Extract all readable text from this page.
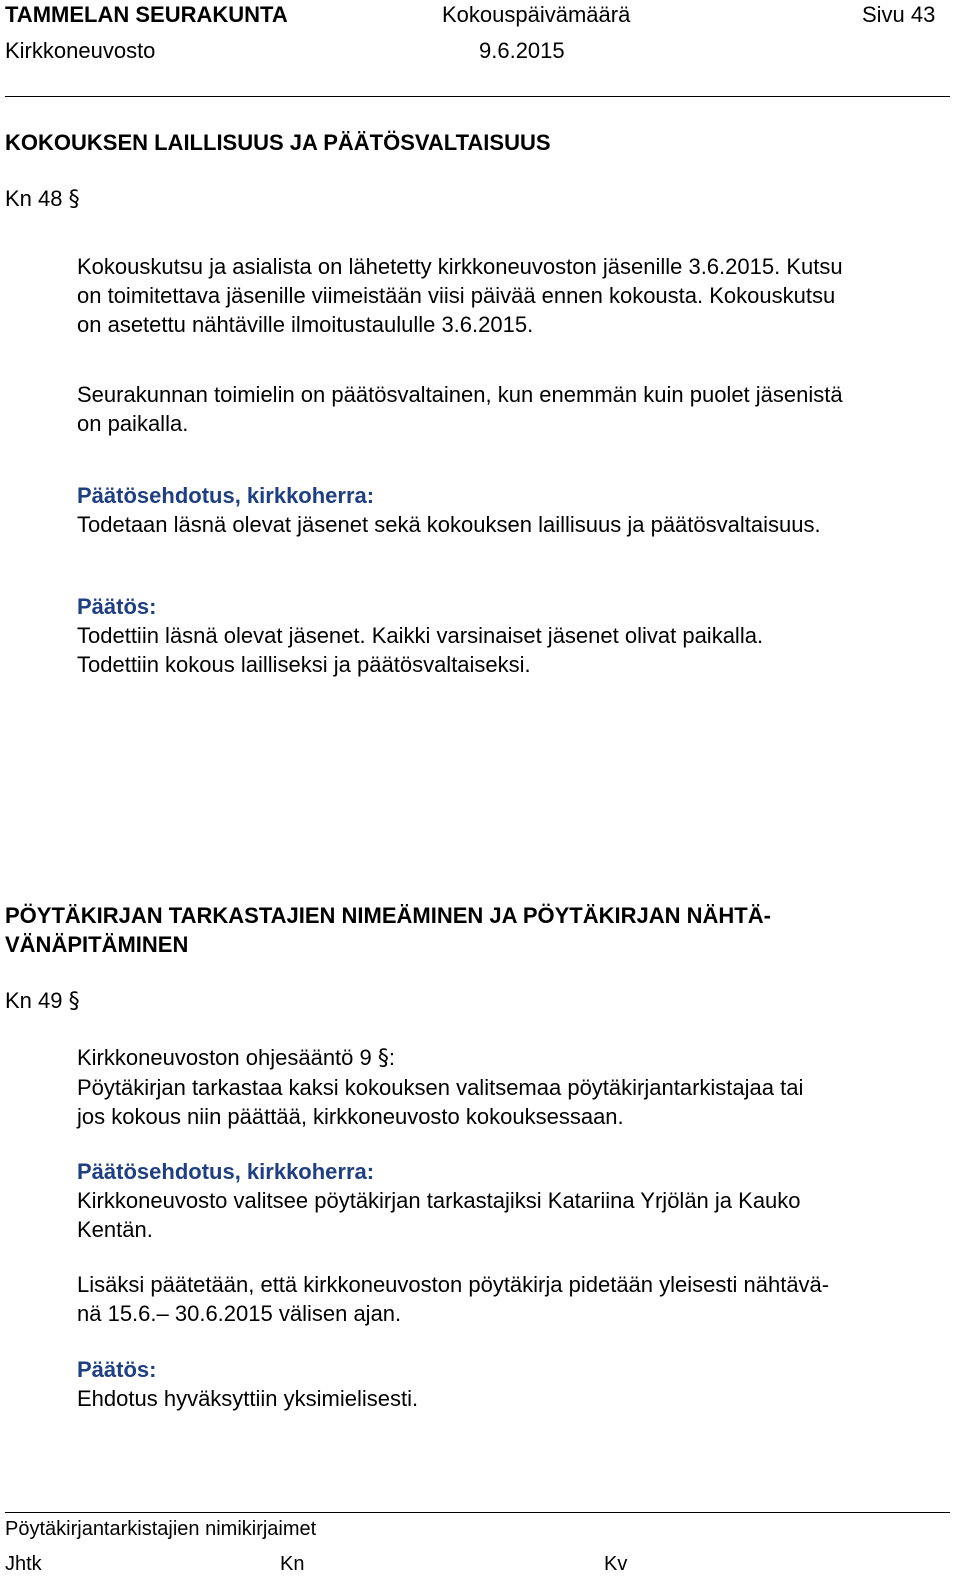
TAMMELAN SEURAKUNTA	Kokouspäivämäärä	Sivu 43
Kirkkoneuvosto	9.6.2015
KOKOUKSEN LAILLISUUS JA PÄÄTÖSVALTAISUUS
Kn 48 §
Kokouskutsu ja asialista on lähetetty kirkkoneuvoston jäsenille 3.6.2015. Kutsu
on toimitettava jäsenille viimeistään viisi päivää ennen kokousta. Kokouskutsu
on asetettu nähtäville ilmoitustaululle 3.6.2015.
Seurakunnan toimielin on päätösvaltainen, kun enemmän kuin puolet jäsenistä
on paikalla.
Päätösehdotus, kirkkoherra:
Todetaan läsnä olevat jäsenet sekä kokouksen laillisuus ja päätösvaltaisuus.
Päätös:
Todettiin läsnä olevat jäsenet. Kaikki varsinaiset jäsenet olivat paikalla.
Todettiin kokous lailliseksi ja päätösvaltaiseksi.
PÖYTÄKIRJAN TARKASTAJIEN NIMEÄMINEN JA PÖYTÄKIRJAN NÄHTÄ-
VÄNÄPITÄMINEN
Kn 49 §
Kirkkoneuvoston ohjesääntö 9 §:
Pöytäkirjan tarkastaa kaksi kokouksen valitsemaa pöytäkirjantarkistajaa tai
jos kokous niin päättää, kirkkoneuvosto kokouksessaan.
Päätösehdotus, kirkkoherra:
Kirkkoneuvosto valitsee pöytäkirjan tarkastajiksi Katariina Yrjölän ja Kauko
Kentän.
Lisäksi päätetään, että kirkkoneuvoston pöytäkirja pidetään yleisesti nähtävä-
nä 15.6.– 30.6.2015 välisen ajan.
Päätös:
Ehdotus hyväksyttiin yksimielisesti.
Pöytäkirjantarkistajien nimikirjaimet
Jhtk	Kn	Kv
